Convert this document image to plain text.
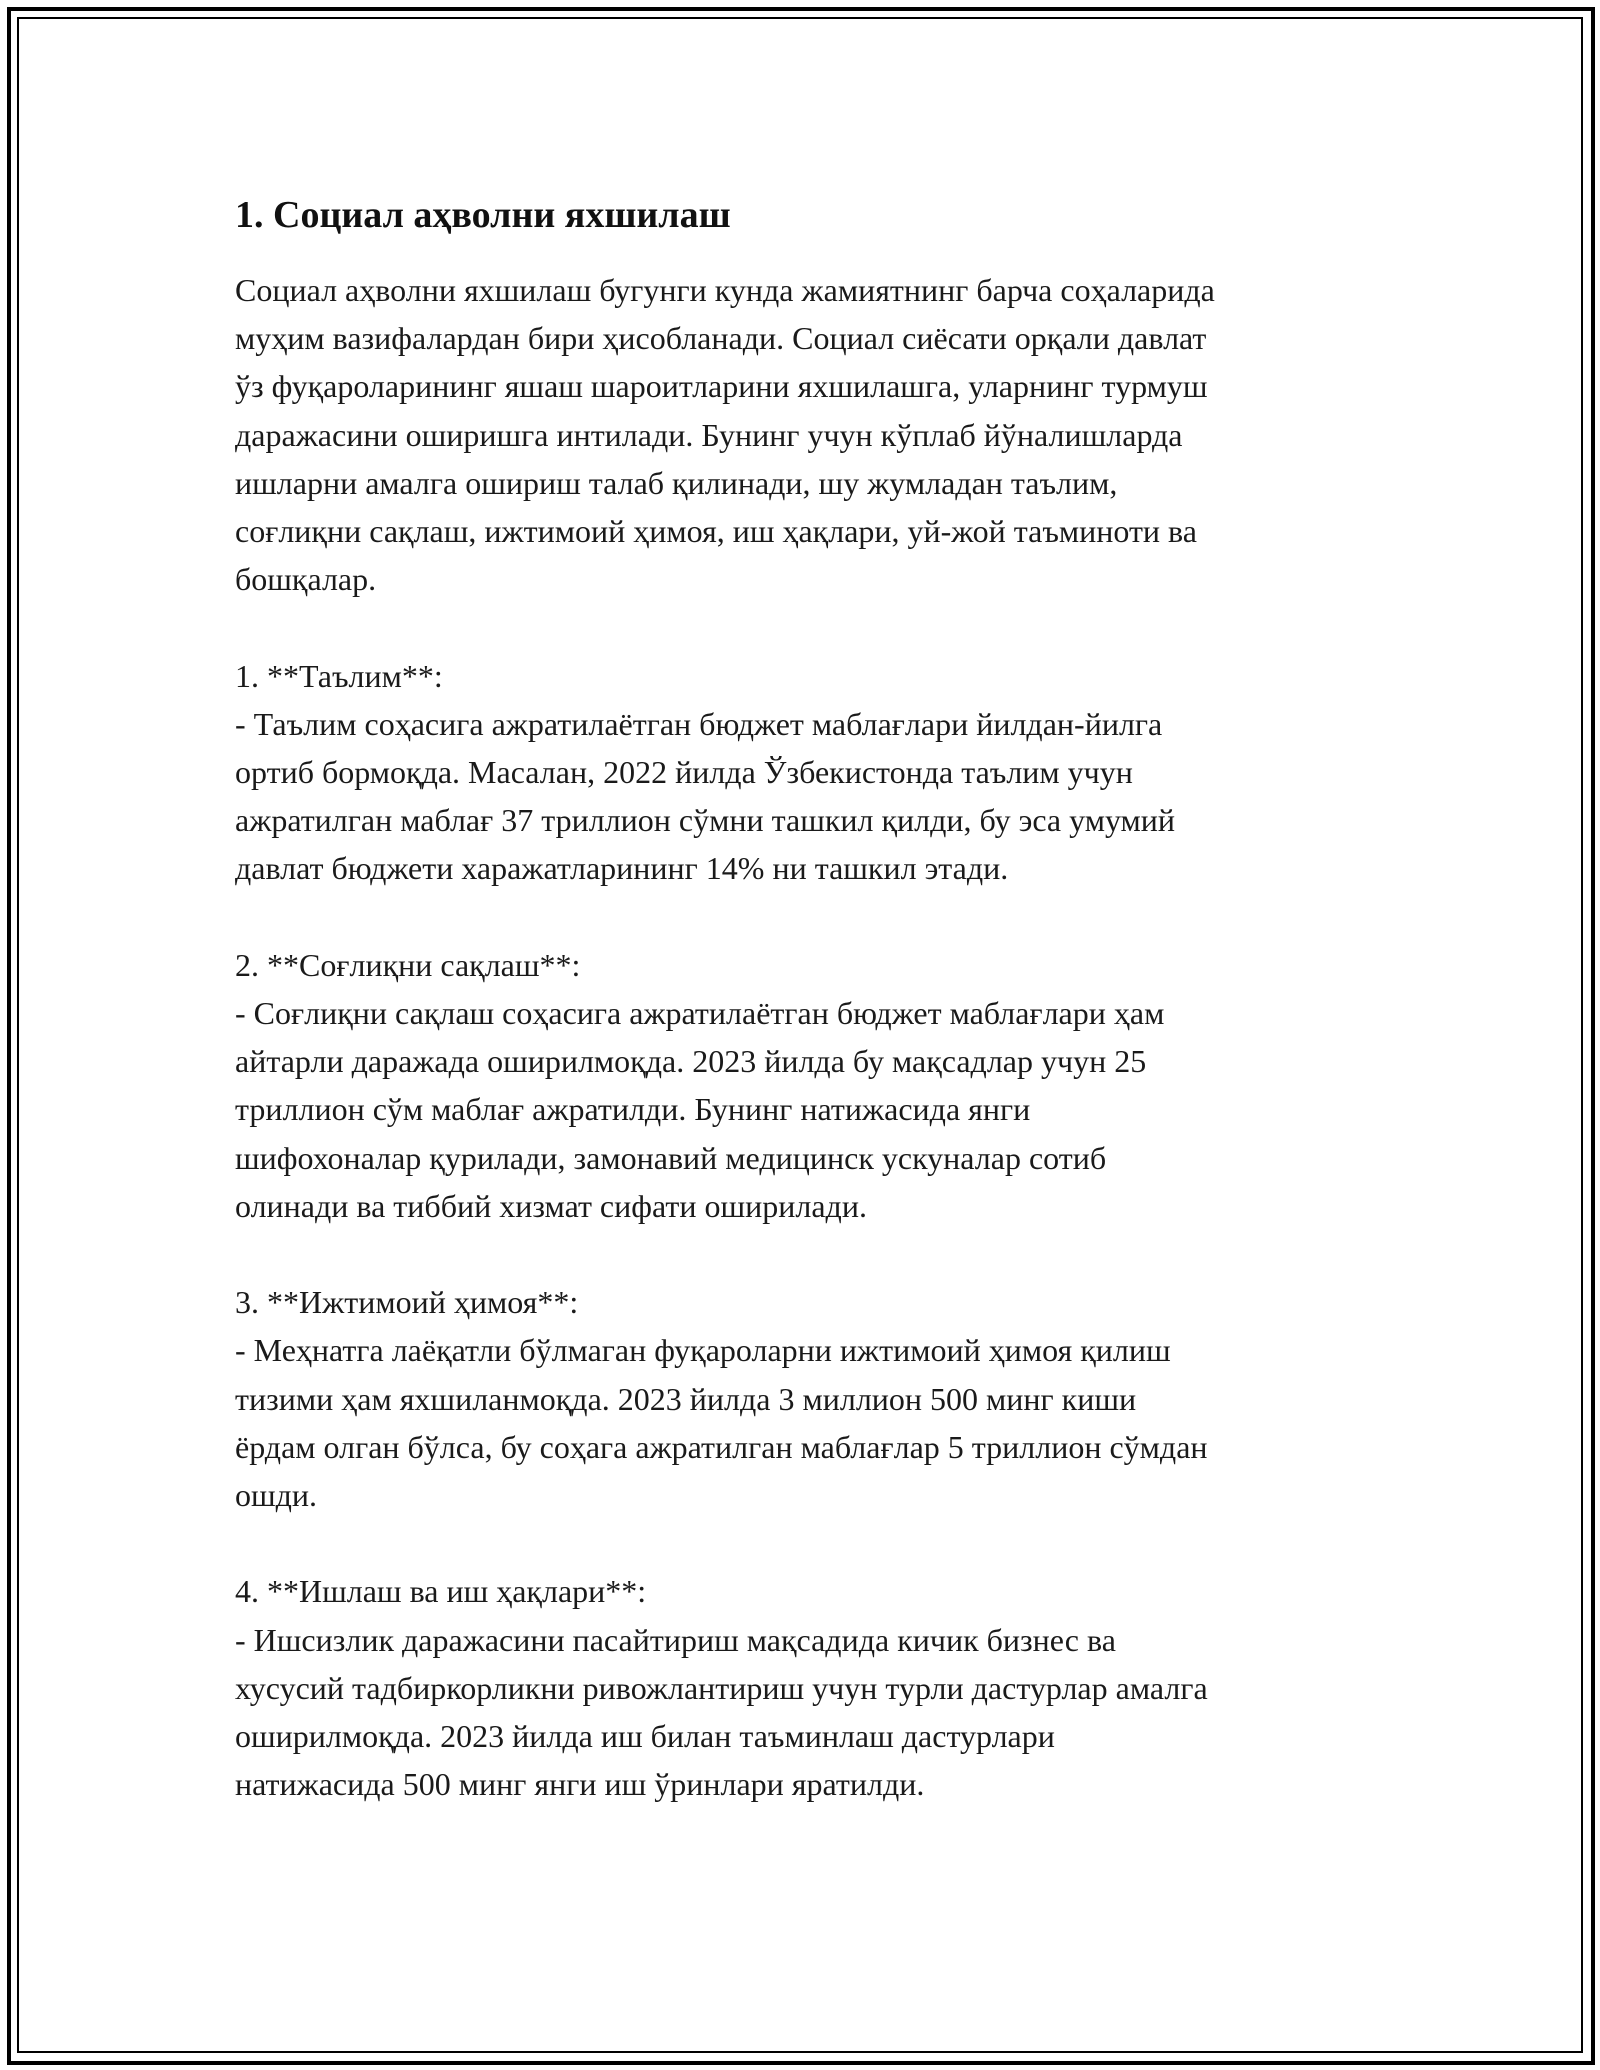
1. Социал аҳволни яхшилаш

Социал аҳволни яхшилаш бугунги кунда жамиятнинг барча соҳаларида
муҳим вазифалардан бири ҳисобланади. Социал сиёсати орқали давлат
ўз фуқароларининг яшаш шароитларини яхшилашга, уларнинг турмуш
даражасини оширишга интилади. Бунинг учун кўплаб йўналишларда
ишларни амалга ошириш талаб қилинади, шу жумладан таълим,
соғлиқни сақлаш, ижтимоий ҳимоя, иш ҳақлари, уй-жой таъминоти ва
бошқалар.

1. **Таълим**:

- Таълим соҳасига ажратилаётган бюджет маблағлари йилдан-йилга
ортиб бормоқда. Масалан, 2022 йилда Ўзбекистонда таълим учун
ажратилган маблағ 37 триллион сўмни ташкил қилди, бу эса умумий
давлат бюджети харажатларининг 14% ни ташкил этади.

2. **Соғлиқни сақлаш**:

- Соғлиқни сақлаш соҳасига ажратилаётган бюджет маблағлари ҳам
айтарли даражада оширилмоқда. 2023 йилда бу мақсадлар учун 25
триллион сўм маблағ ажратилди. Бунинг натижасида янги
шифохоналар қурилади, замонавий медицинск ускуналар сотиб
олинади ва тиббий хизмат сифати оширилади.

3. **Ижтимоий ҳимоя**:

- Меҳнатга лаёқатли бўлмаган фуқароларни ижтимоий ҳимоя қилиш
тизими ҳам яхшиланмоқда. 2023 йилда 3 миллион 500 минг киши
ёрдам олган бўлса, бу соҳага ажратилган маблағлар 5 триллион сўмдан
ошди.

4. **Ишлаш ва иш ҳақлари**:

- Ишсизлик даражасини пасайтириш мақсадида кичик бизнес ва
хусусий тадбиркорликни ривожлантириш учун турли дастурлар амалга
оширилмоқда. 2023 йилда иш билан таъминлаш дастурлари
натижасида 500 минг янги иш ўринлари яратилди.
